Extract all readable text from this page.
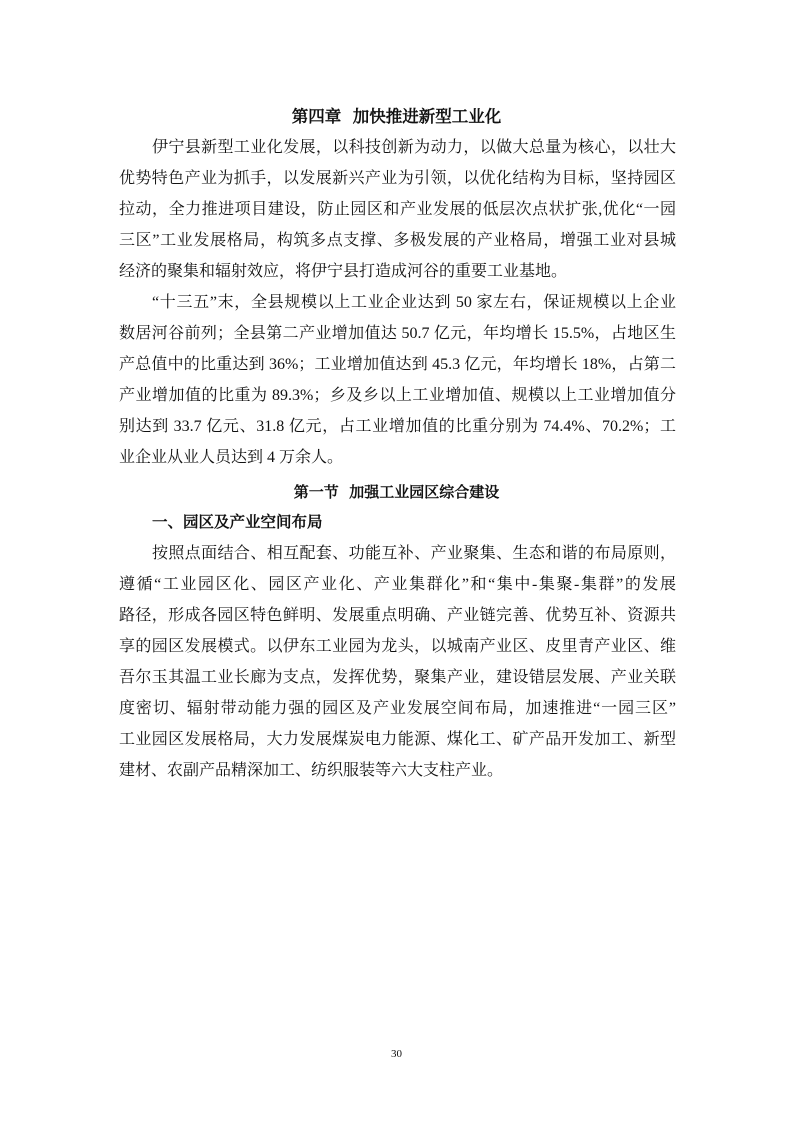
第四章  加快推进新型工业化
伊宁县新型工业化发展，以科技创新为动力，以做大总量为核心，以壮大
优势特色产业为抓手，以发展新兴产业为引领，以优化结构为目标，坚持园区
拉动，全力推进项目建设，防止园区和产业发展的低层次点状扩张,优化“一园
三区”工业发展格局，构筑多点支撑、多极发展的产业格局，增强工业对县城
经济的聚集和辐射效应，将伊宁县打造成河谷的重要工业基地。
“十三五”末，全县规模以上工业企业达到 50 家左右，保证规模以上企业
数居河谷前列；全县第二产业增加值达 50.7 亿元，年均增长 15.5%，占地区生
产总值中的比重达到 36%；工业增加值达到 45.3 亿元，年均增长 18%，占第二
产业增加值的比重为 89.3%；乡及乡以上工业增加值、规模以上工业增加值分
别达到 33.7 亿元、31.8 亿元，占工业增加值的比重分别为 74.4%、70.2%；工
业企业从业人员达到 4 万余人。
第一节  加强工业园区综合建设
一、园区及产业空间布局
按照点面结合、相互配套、功能互补、产业聚集、生态和谐的布局原则，
遵循“工业园区化、园区产业化、产业集群化”和“集中-集聚-集群”的发展
路径，形成各园区特色鲜明、发展重点明确、产业链完善、优势互补、资源共
享的园区发展模式。以伊东工业园为龙头，以城南产业区、皮里青产业区、维
吾尔玉其温工业长廊为支点，发挥优势，聚集产业，建设错层发展、产业关联
度密切、辐射带动能力强的园区及产业发展空间布局，加速推进“一园三区”
工业园区发展格局，大力发展煤炭电力能源、煤化工、矿产品开发加工、新型
建材、农副产品精深加工、纺织服装等六大支柱产业。
30
